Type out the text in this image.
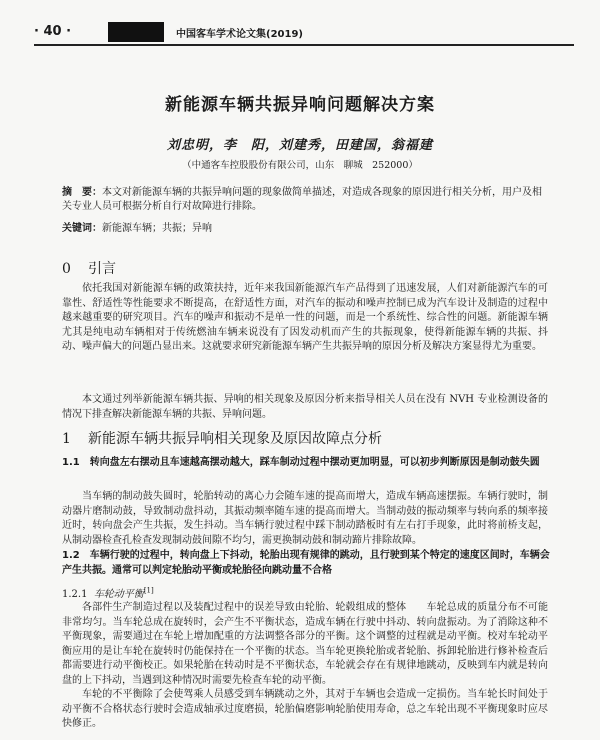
· 40 ·	中国客车学术论文集(2019)
新能源车辆共振异响问题解决方案
刘忠明，李　阳，刘建秀，田建国，翁福建
（中通客车控股股份有限公司，山东　聊城　252000）
摘　要：本文对新能源车辆的共振异响问题的现象做简单描述，对造成各现象的原因进行相关分析，用户及相关专业人员可根据分析自行对故障进行排除。
关键词：新能源车辆；共振；异响
0 引言
依托我国对新能源车辆的政策扶持，近年来我国新能源汽车产品得到了迅速发展，人们对新能源汽车的可靠性、舒适性等性能要求不断提高，在舒适性方面，对汽车的振动和噪声控制已成为汽车设计及制造的过程中越来越重要的研究项目。汽车的噪声和振动不是单一性的问题，而是一个系统性、综合性的问题。新能源车辆尤其是纯电动车辆相对于传统燃油车辆来说没有了因发动机而产生的共振现象，使得新能源车辆的共振、抖动、噪声偏大的问题凸显出来。这就要求研究新能源车辆产生共振异响的原因分析及解决方案显得尤为重要。
本文通过列举新能源车辆共振、异响的相关现象及原因分析来指导相关人员在没有 NVH 专业检测设备的情况下排查解决新能源车辆的共振、异响问题。
1 新能源车辆共振异响相关现象及原因故障点分析
1.1　转向盘左右摆动且车速越高摆动越大，踩车制动过程中摆动更加明显，可以初步判断原因是制动鼓失圆
当车辆的制动鼓失圆时，轮胎转动的离心力会随车速的提高而增大，造成车辆高速摆振。车辆行驶时，制动器片磨制动鼓，导致制动盘抖动，其振动频率随车速的提高而增大。当制动鼓的振动频率与转向系的频率接近时，转向盘会产生共振，发生抖动。当车辆行驶过程中踩下制动踏板时有左右打手现象，此时将前桥支起，从制动器检查孔检查发现制动鼓间隙不均匀，需更换制动鼓和制动蹄片排除故障。
1.2　车辆行驶的过程中，转向盘上下抖动，轮胎出现有规律的跳动，且行驶到某个特定的速度区间时，车辆会产生共振。通常可以判定轮胎动平衡或轮胎径向跳动量不合格
1.2.1 车轮动平衡[1]
各部件生产制造过程以及装配过程中的误差导致由轮胎、轮毂组成的整体　　车轮总成的质量分布不可能非常均匀。当车轮总成在旋转时，会产生不平衡状态，造成车辆在行驶中抖动、转向盘振动。为了消除这种不平衡现象，需要通过在车轮上增加配重的方法调整各部分的平衡。这个调整的过程就是动平衡。校对车轮动平衡应用的是让车轮在旋转时仍能保持在一个平衡的状态。当车轮更换轮胎或者轮胎、拆卸轮胎进行修补检查后都需要进行动平衡校正。如果轮胎在转动时是不平衡状态，车轮就会存在有规律地跳动，反映到车内就是转向盘的上下抖动，当遇到这种情况时需要先检查车轮的动平衡。
车轮的不平衡除了会使驾乘人员感受到车辆跳动之外，其对于车辆也会造成一定损伤。当车轮长时间处于动平衡不合格状态行驶时会造成轴承过度磨损，轮胎偏磨影响轮胎使用寿命，总之车轮出现不平衡现象时应尽快修正。
